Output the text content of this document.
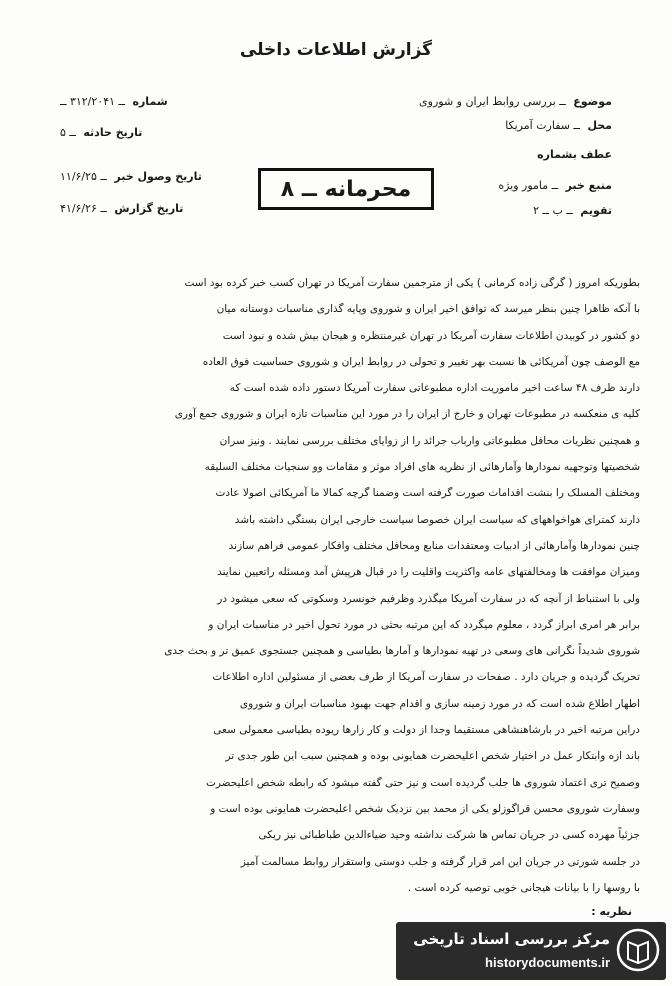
گزارش اطلاعات داخلی
موضوع ــ بررسی روابط ایران و شوروی
محل ــ سفارت آمریکا
عطف بشماره
منبع خبر ــ مامور ویژه
تقویم ــ ب ــ ۲
شماره ــ ۳۱۲/۲۰۴۱ ــ
تاریخ حادثه ــ ۵
تاریخ وصول خبر ــ ۱۱/۶/۲۵
تاریخ گزارش ــ ۴۱/۶/۲۶
محرمانه ــ ۸
بطوریکه امروز ( گرگی زاده کرمانی ) یکی از مترجمین سفارت آمریکا در تهران کسب خبر کرده بود است
با آنکه ظاهرا چنین بنظر میرسد که توافق اخیر ایران و شوروی وپایه گذاری مناسبات دوستانه میان
دو کشور در کوبیدن اطلاعات سفارت آمریکا در تهران غیرمنتظره و هیجان بیش شده و نبود است
مع الوصف چون آمریکائی ها نسبت بهر تغییر و تحولی در روابط ایران و شوروی حساسیت فوق العاده
دارند ظرف ۴۸ ساعت اخیر ماموریت اداره مطبوعاتی سفارت آمریکا دستور داده شده است که
کلیه ی منعکسه در مطبوعات تهران و خارج از ایران را در مورد این مناسبات تازه ایران و شوروی جمع آوری
و همچنین نظریات محافل مطبوعاتی وارباب جرائد را از زوایای مختلف بررسی نمایند . ونیز سران
شخصیتها وتوجهیه نمودارها وآمارهائی از نظریه های افراد موثر و مقامات وو سنجیات مختلف السلیقه
ومختلف المسلک را بنشت اقدامات صورت گرفته است وضمنا گرچه کمالا ما آمریکائی اصولا عادت
دارند کمترای هواخواههای که سیاست ایران خصوصا سیاست خارجی ایران بستگی داشته باشد
چنین نمودارها وآمارهائی از ادبیات ومعتقدات منابع ومحافل مختلف وافکار عمومی فراهم سازند
ومیزان موافقت ها ومخالفتهای عامه واکثریت واقلیت را در قبال هرپیش آمد ومسئله راتعیین نمایند
ولی با استنباط از آنچه که در سفارت آمریکا میگذرد وظرفیم خونسرد وسکوتی که سعی میشود در
برابر هر امری ابراز گردد ، معلوم میگردد که این مرتبه بحثی در مورد تحول اخیر در مناسبات ایران و
شوروی شدیداً نگرانی های وسعی در تهیه نمودارها و آمارها بطیاسی و همچنین جستجوی عمیق تر و بحث جدی
تحریک گردیده و جریان دارد . صفحات در سفارت آمریکا از طرف بعضی از مسئولین اداره اطلاعات
اطهار اطلاع شده است که در مورد زمینه سازی و اقدام جهت بهبود مناسبات ایران و شوروی
دراین مرتبه اخیر در بارشاهنشاهی مستقیما وجدا از دولت و کار زارها ریوده بطیاسی معمولی سعی
باند ازه وابتکار عمل در اختیار شخص اعلیحضرت همایونی بوده و همچنین سبب این طور جدی تر
وصمیح تری اعتماد شوروی ها جلب گردیده است و نیز حتی گفته میشود که رابطه شخص اعلیحضرت
وسفارت شوروی محسن قراگوزلو یکی از محمد بین نزدیک شخص اعلیحضرت همایونی بوده است و
جزئیاً مهرده کسی در جریان تماس ها شرکت نداشته وحید ضیاءالدین طباطبائی نیز ریکی
در جلسه شورتی در جریان این امر قرار گرفته و جلب دوستی واستقرار روابط مسالمت آمیز
با روسها را با بیانات هیجانی خوبی توصیه کرده است .
نظریه :
مرکز بررسی اسناد تاریخی
historydocuments.ir
